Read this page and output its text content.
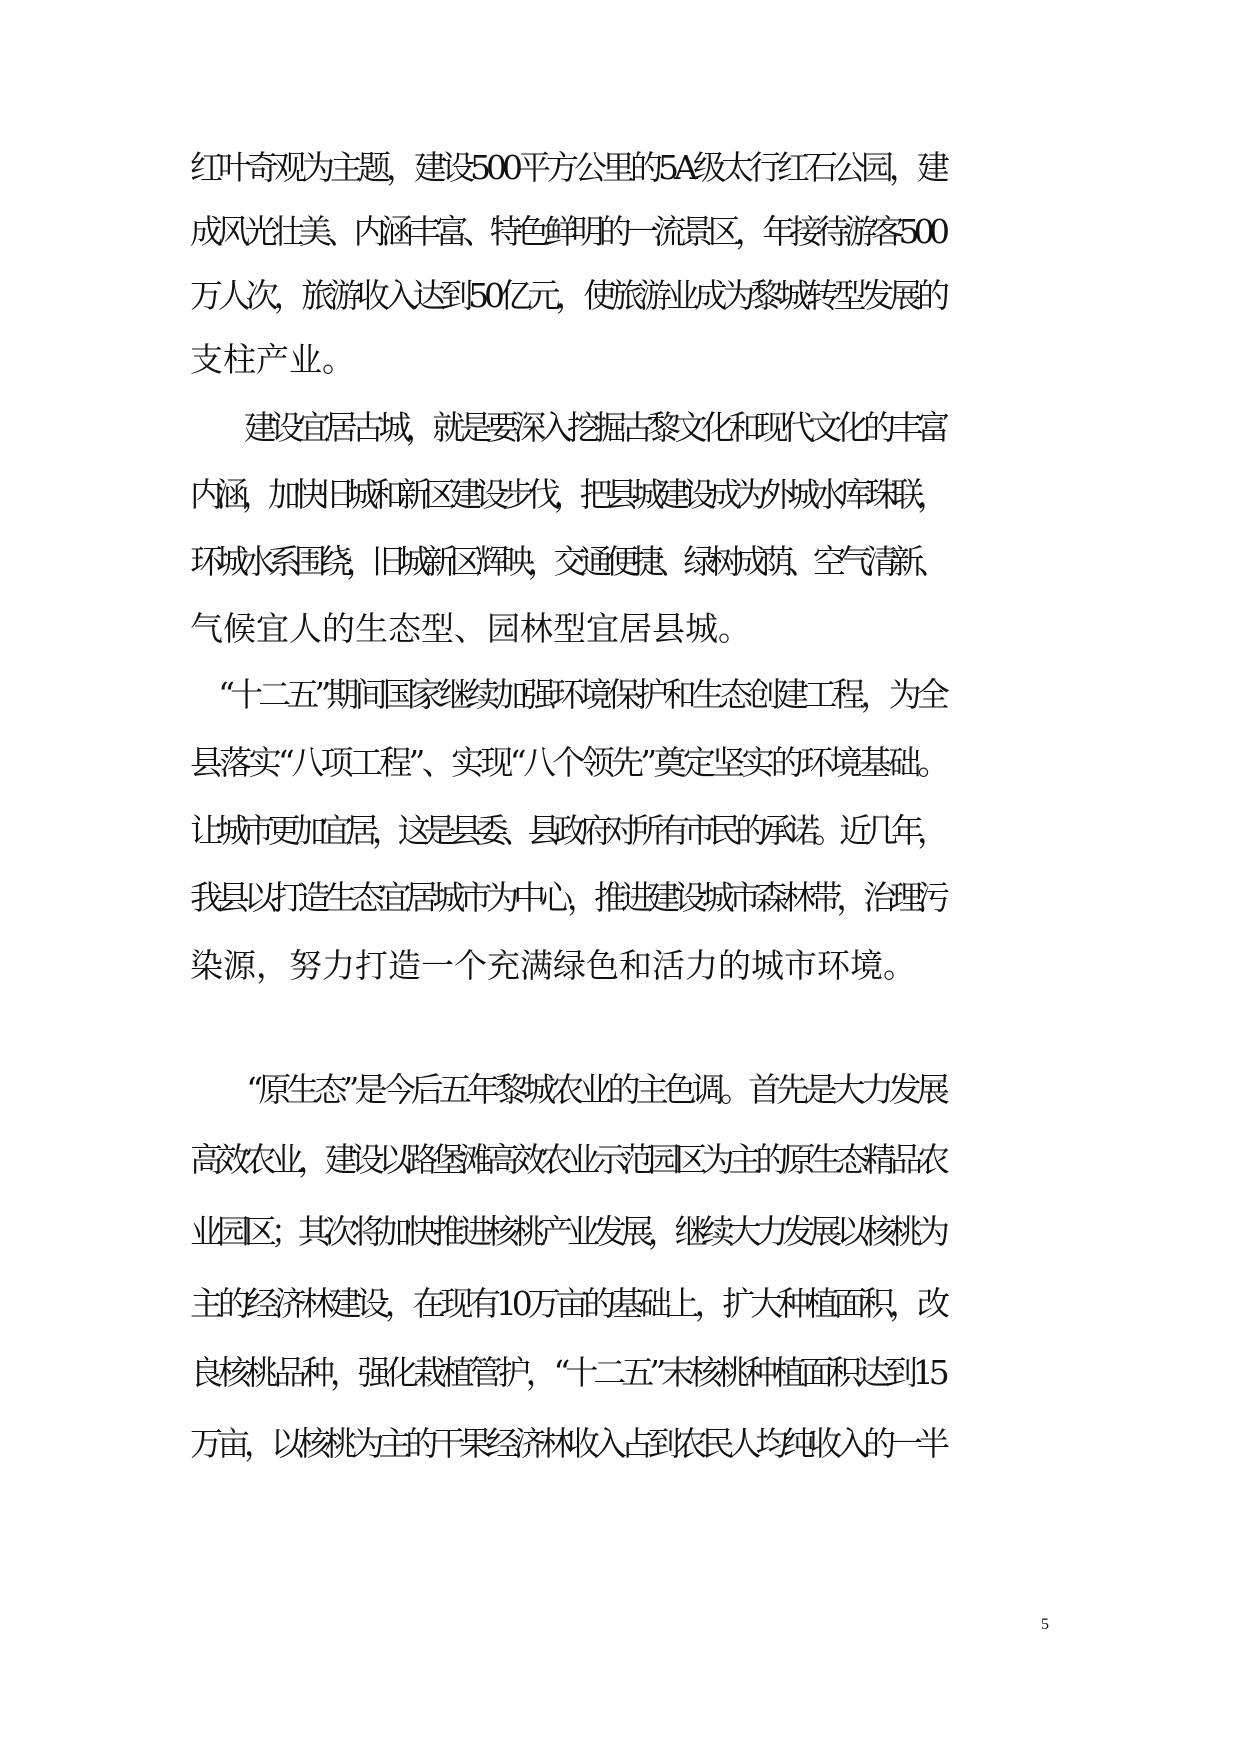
红叶奇观为主题，建设500平方公里的5A级太行红石公园，建
成风光壮美、内涵丰富、特色鲜明的一流景区，年接待游客500
万人次，旅游收入达到50亿元，使旅游业成为黎城转型发展的
支柱产业。
　　建设宜居古城，就是要深入挖掘古黎文化和现代文化的丰富
内涵，加快旧城和新区建设步伐，把县城建设成为外城水库珠联，
环城水系围绕，旧城新区辉映，交通便捷、绿树成荫、空气清新、
气候宜人的生态型、园林型宜居县城。
　“十二五”期间国家继续加强环境保护和生态创建工程，为全
县落实“八项工程”、实现“八个领先”奠定坚实的环境基础。
让城市更加宜居，这是县委、县政府对所有市民的承诺。近几年，
我县以打造生态宜居城市为中心，推进建设城市森林带，治理污
染源，努力打造一个充满绿色和活力的城市环境。
　　“原生态”是今后五年黎城农业的主色调。首先是大力发展
高效农业，建设以路堡滩高效农业示范园区为主的原生态精品农
业园区；其次将加快推进核桃产业发展，继续大力发展以核桃为
主的经济林建设，在现有10万亩的基础上，扩大种植面积，改
良核桃品种，强化栽植管护，“十二五”末核桃种植面积达到15
万亩，以核桃为主的干果经济林收入占到农民人均纯收入的一半
5
